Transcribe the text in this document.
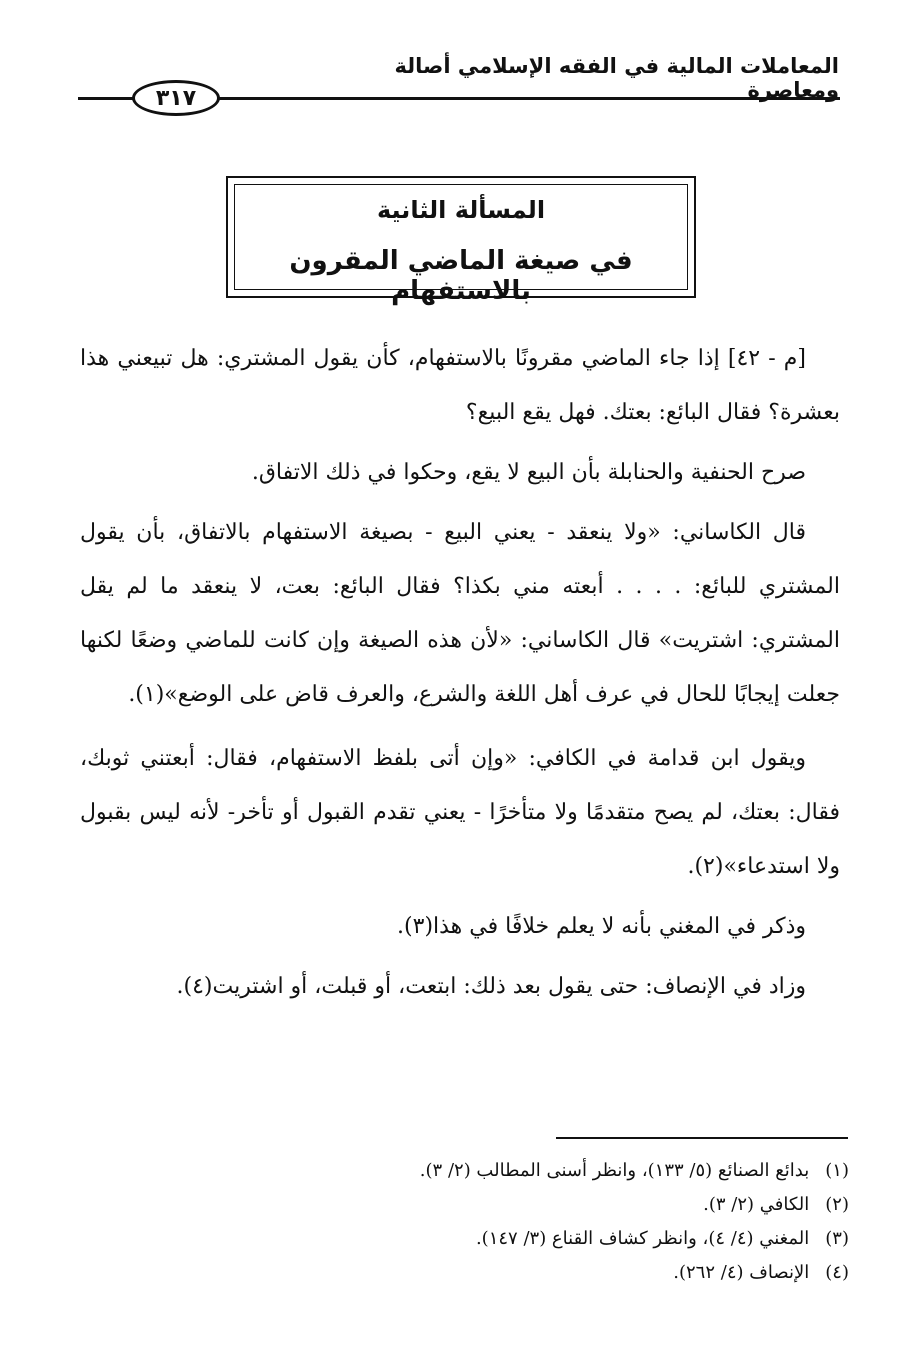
المعاملات المالية في الفقه الإسلامي أصالة ومعاصرة
٣١٧
المسألة الثانية
في صيغة الماضي المقرون بالاستفهام

[م - ٤٢] إذا جاء الماضي مقرونًا بالاستفهام، كأن يقول المشتري: هل تبيعني هذا بعشرة؟ فقال البائع: بعتك. فهل يقع البيع؟

صرح الحنفية والحنابلة بأن البيع لا يقع، وحكوا في ذلك الاتفاق.

قال الكاساني: «ولا ينعقد - يعني البيع - بصيغة الاستفهام بالاتفاق، بأن يقول المشتري للبائع: . . . . أبعته مني بكذا؟ فقال البائع: بعت، لا ينعقد ما لم يقل المشتري: اشتريت» قال الكاساني: «لأن هذه الصيغة وإن كانت للماضي وضعًا لكنها جعلت إيجابًا للحال في عرف أهل اللغة والشرع، والعرف قاض على الوضع»(١).

ويقول ابن قدامة في الكافي: «وإن أتى بلفظ الاستفهام، فقال: أبعتني ثوبك، فقال: بعتك، لم يصح متقدمًا ولا متأخرًا - يعني تقدم القبول أو تأخر- لأنه ليس بقبول ولا استدعاء»(٢).

وذكر في المغني بأنه لا يعلم خلافًا في هذا(٣).

وزاد في الإنصاف: حتى يقول بعد ذلك: ابتعت، أو قبلت، أو اشتريت(٤).

(١) بدائع الصنائع (٥/ ١٣٣)، وانظر أسنى المطالب (٢/ ٣).

(٢) الكافي (٢/ ٣).

(٣) المغني (٤/ ٤)، وانظر كشاف القناع (٣/ ١٤٧).

(٤) الإنصاف (٤/ ٢٦٢).
